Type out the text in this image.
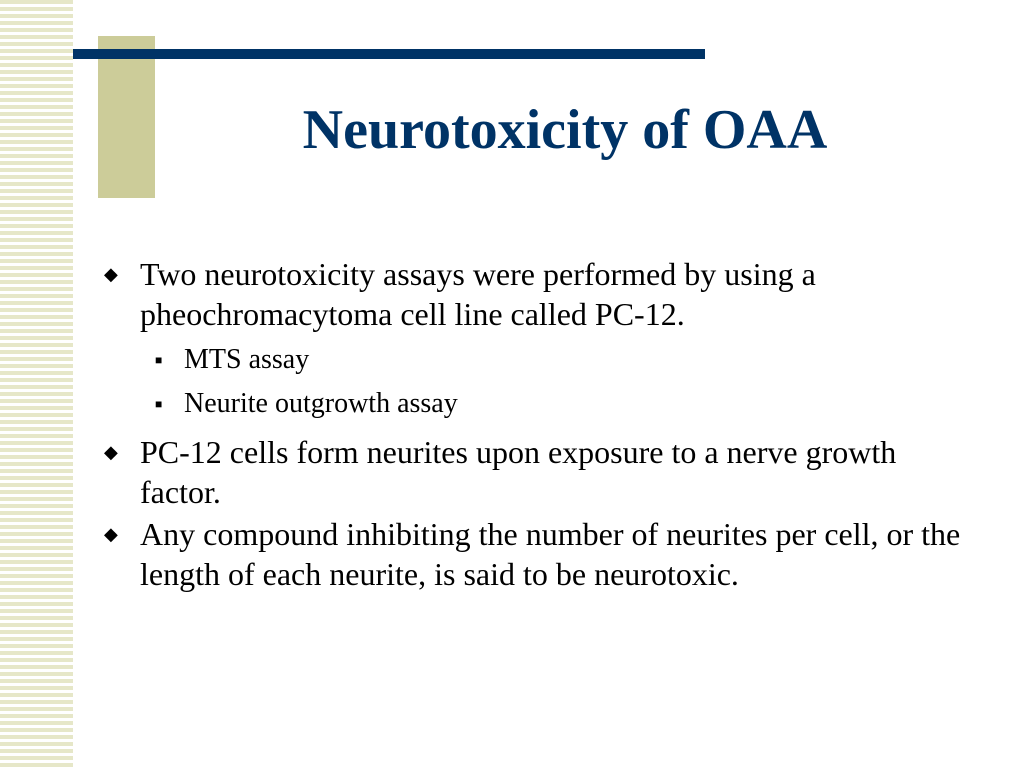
Neurotoxicity of OAA
◆ Two neurotoxicity assays were performed by using a pheochromacytoma cell line called PC-12.
■ MTS assay
■ Neurite outgrowth assay
◆ PC-12 cells form neurites upon exposure to a nerve growth factor.
◆ Any compound inhibiting the number of neurites per cell, or the length of each neurite, is said to be neurotoxic.
